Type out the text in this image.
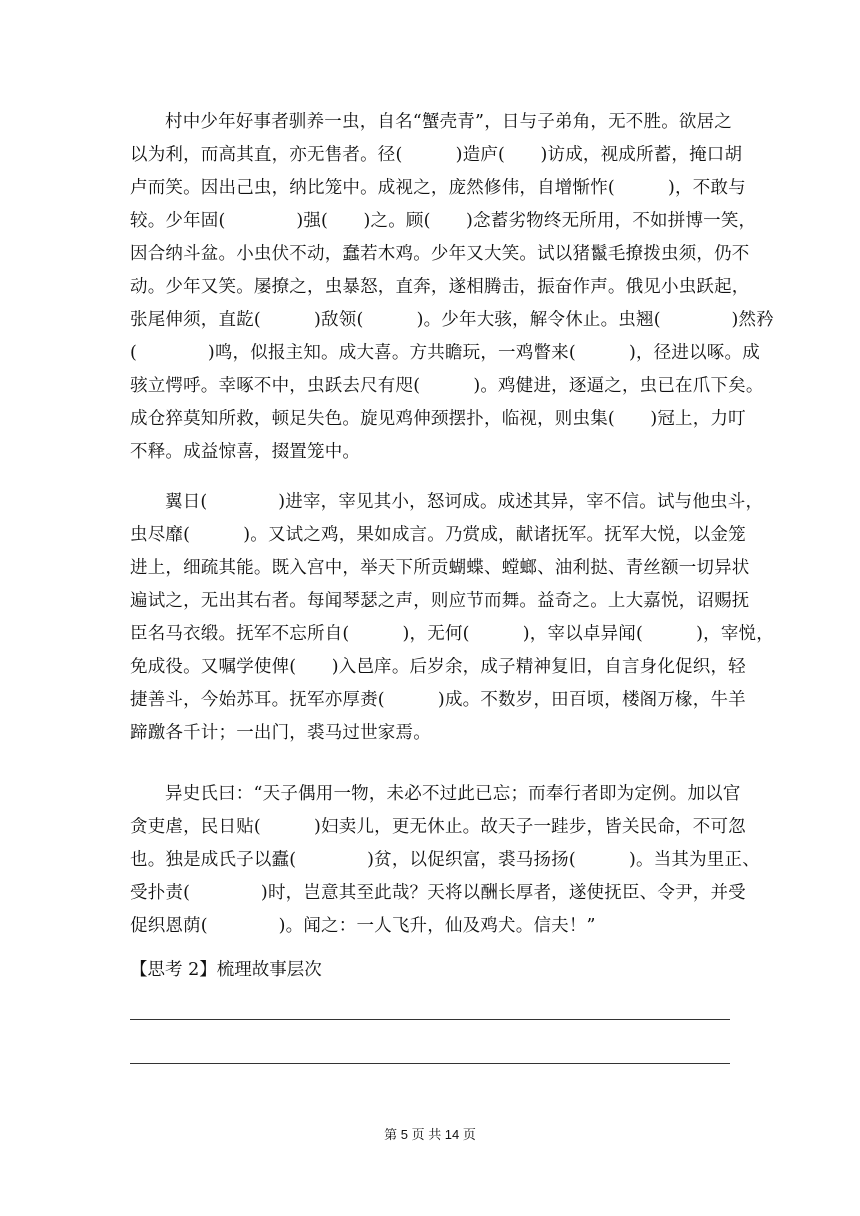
村中少年好事者驯养一虫，自名“蟹壳青”，日与子弟角，无不胜。欲居之
以为利，而高其直，亦无售者。径(　　　)造庐(　　)访成，视成所蓄，掩口胡
卢而笑。因出己虫，纳比笼中。成视之，庞然修伟，自增惭怍(　　　)，不敢与
较。少年固(　　　　)强(　　)之。顾(　　)念蓄劣物终无所用，不如拼博一笑，
因合纳斗盆。小虫伏不动，蠢若木鸡。少年又大笑。试以猪鬣毛撩拨虫须，仍不
动。少年又笑。屡撩之，虫暴怒，直奔，遂相腾击，振奋作声。俄见小虫跃起，
张尾伸须，直龁(　　　)敌领(　　　)。少年大骇，解令休止。虫翘(　　　　)然矜
(　　　　)鸣，似报主知。成大喜。方共瞻玩，一鸡瞥来(　　　)，径进以啄。成
骇立愕呼。幸啄不中，虫跃去尺有咫(　　　)。鸡健进，逐逼之，虫已在爪下矣。
成仓猝莫知所救，顿足失色。旋见鸡伸颈摆扑，临视，则虫集(　　)冠上，力叮
不释。成益惊喜，掇置笼中。
翼日(　　　　)进宰，宰见其小，怒诃成。成述其异，宰不信。试与他虫斗，
虫尽靡(　　　)。又试之鸡，果如成言。乃赏成，献诸抚军。抚军大悦，以金笼
进上，细疏其能。既入宫中，举天下所贡蝴蝶、螳螂、油利挞、青丝额一切异状
遍试之，无出其右者。每闻琴瑟之声，则应节而舞。益奇之。上大嘉悦，诏赐抚
臣名马衣缎。抚军不忘所自(　　　)，无何(　　　)，宰以卓异闻(　　　)，宰悦，
免成役。又嘱学使俾(　　)入邑庠。后岁余，成子精神复旧，自言身化促织，轻
捷善斗，今始苏耳。抚军亦厚赉(　　　)成。不数岁，田百顷，楼阁万椽，牛羊
蹄躈各千计；一出门，裘马过世家焉。
异史氏曰：“天子偶用一物，未必不过此已忘；而奉行者即为定例。加以官
贪吏虐，民日贴(　　　)妇卖儿，更无休止。故天子一跬步，皆关民命，不可忽
也。独是成氏子以蠹(　　　　)贫，以促织富，裘马扬扬(　　　)。当其为里正、
受扑责(　　　　)时，岂意其至此哉？天将以酬长厚者，遂使抚臣、令尹，并受
促织恩荫(　　　　)。闻之：一人飞升，仙及鸡犬。信夫！”

【思考 2】梳理故事层次

第 5 页 共 14 页
